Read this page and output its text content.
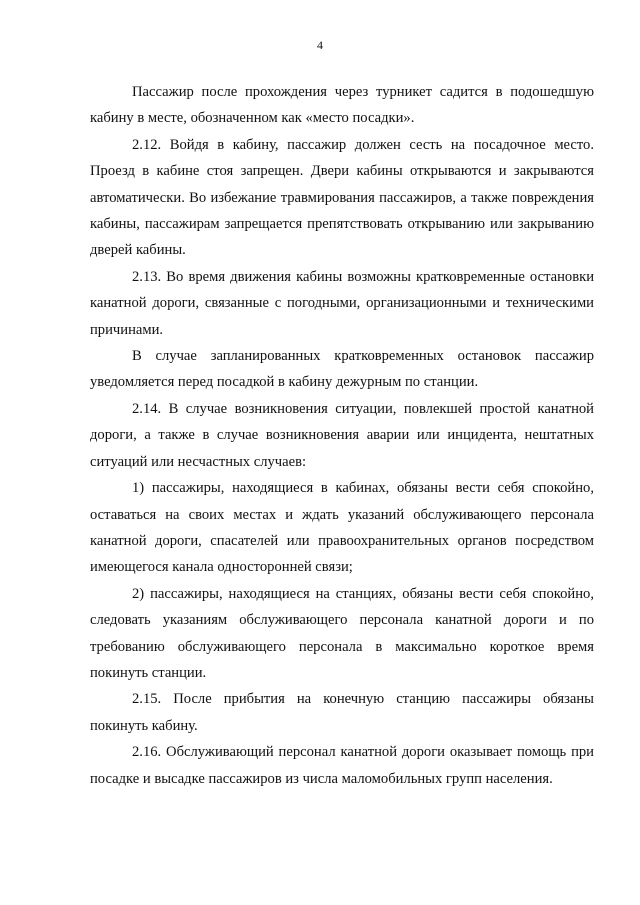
4

Пассажир после прохождения через турникет садится в подошедшую кабину в месте, обозначенном как «место посадки».

2.12. Войдя в кабину, пассажир должен сесть на посадочное место. Проезд в кабине стоя запрещен. Двери кабины открываются и закрываются автоматически. Во избежание травмирования пассажиров, а также повреждения кабины, пассажирам запрещается препятствовать открыванию или закрыванию дверей кабины.

2.13. Во время движения кабины возможны кратковременные остановки канатной дороги, связанные с погодными, организационными и техническими причинами.

В случае запланированных кратковременных остановок пассажир уведомляется перед посадкой в кабину дежурным по станции.

2.14. В случае возникновения ситуации, повлекшей простой канатной дороги, а также в случае возникновения аварии или инцидента, нештатных ситуаций или несчастных случаев:

1) пассажиры, находящиеся в кабинах, обязаны вести себя спокойно, оставаться на своих местах и ждать указаний обслуживающего персонала канатной дороги, спасателей или правоохранительных органов посредством имеющегося канала односторонней связи;

2) пассажиры, находящиеся на станциях, обязаны вести себя спокойно, следовать указаниям обслуживающего персонала канатной дороги и по требованию обслуживающего персонала в максимально короткое время покинуть станции.

2.15. После прибытия на конечную станцию пассажиры обязаны покинуть кабину.

2.16. Обслуживающий персонал канатной дороги оказывает помощь при посадке и высадке пассажиров из числа маломобильных групп населения.
